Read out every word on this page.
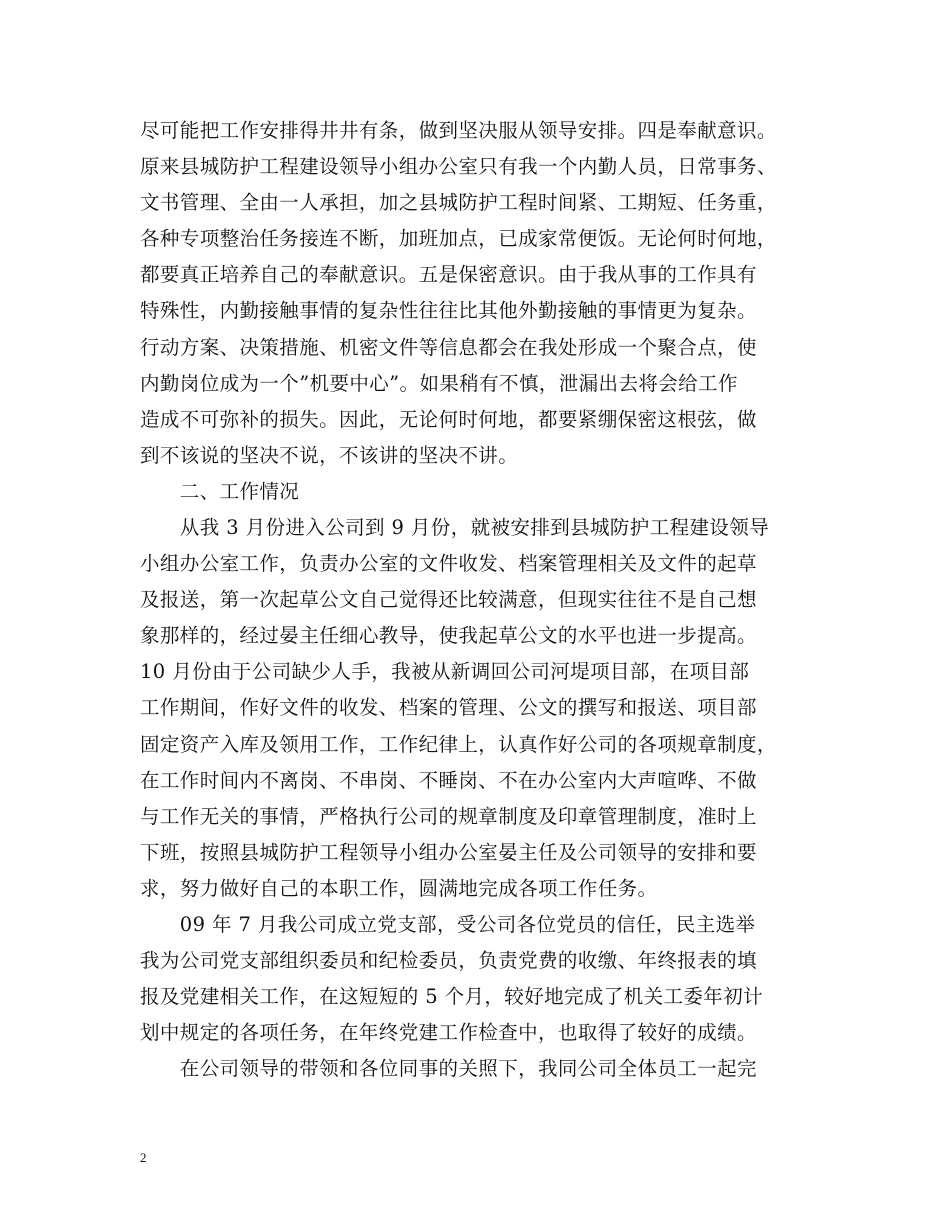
尽可能把工作安排得井井有条，做到坚决服从领导安排。四是奉献意识。
原来县城防护工程建设领导小组办公室只有我一个内勤人员，日常事务、
文书管理、全由一人承担，加之县城防护工程时间紧、工期短、任务重，
各种专项整治任务接连不断，加班加点，已成家常便饭。无论何时何地，
都要真正培养自己的奉献意识。五是保密意识。由于我从事的工作具有
特殊性，内勤接触事情的复杂性往往比其他外勤接触的事情更为复杂。
行动方案、决策措施、机密文件等信息都会在我处形成一个聚合点，使
内勤岗位成为一个”机要中心”。如果稍有不慎，泄漏出去将会给工作
造成不可弥补的损失。因此，无论何时何地，都要紧绷保密这根弦，做
到不该说的坚决不说，不该讲的坚决不讲。
　　二、工作情况
　　从我 3 月份进入公司到 9 月份，就被安排到县城防护工程建设领导
小组办公室工作，负责办公室的文件收发、档案管理相关及文件的起草
及报送，第一次起草公文自己觉得还比较满意，但现实往往不是自己想
象那样的，经过晏主任细心教导，使我起草公文的水平也进一步提高。
10 月份由于公司缺少人手，我被从新调回公司河堤项目部，在项目部
工作期间，作好文件的收发、档案的管理、公文的撰写和报送、项目部
固定资产入库及领用工作，工作纪律上，认真作好公司的各项规章制度，
在工作时间内不离岗、不串岗、不睡岗、不在办公室内大声喧哗、不做
与工作无关的事情，严格执行公司的规章制度及印章管理制度，准时上
下班，按照县城防护工程领导小组办公室晏主任及公司领导的安排和要
求，努力做好自己的本职工作，圆满地完成各项工作任务。
　　09 年 7 月我公司成立党支部，受公司各位党员的信任，民主选举
我为公司党支部组织委员和纪检委员，负责党费的收缴、年终报表的填
报及党建相关工作，在这短短的 5 个月，较好地完成了机关工委年初计
划中规定的各项任务，在年终党建工作检查中，也取得了较好的成绩。
　　在公司领导的带领和各位同事的关照下，我同公司全体员工一起完
2
